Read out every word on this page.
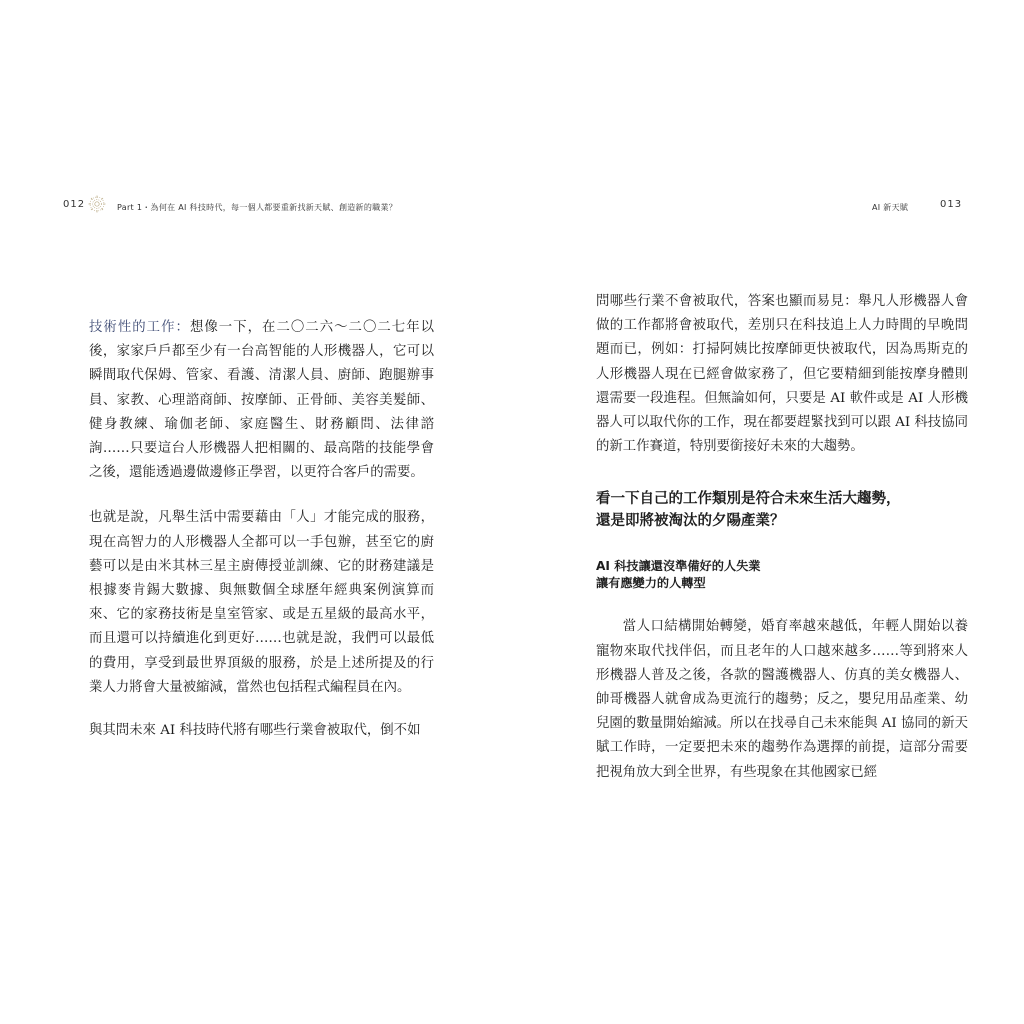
012	Part 1・為何在 AI 科技時代，每一個人都要重新找新天賦、創造新的職業？	AI 新天賦	013

技術性的工作：想像一下，在二〇二六～二〇二七年以後，家家戶戶都至少有一台高智能的人形機器人，它可以瞬間取代保姆、管家、看護、清潔人員、廚師、跑腿辦事員、家教、心理諮商師、按摩師、正骨師、美容美髮師、健身教練、瑜伽老師、家庭醫生、財務顧問、法律諮詢……只要這台人形機器人把相關的、最高階的技能學會之後，還能透過邊做邊修正學習，以更符合客戶的需要。

也就是說，凡舉生活中需要藉由「人」才能完成的服務，現在高智力的人形機器人全都可以一手包辦，甚至它的廚藝可以是由米其林三星主廚傳授並訓練、它的財務建議是根據麥肯錫大數據、與無數個全球歷年經典案例演算而來、它的家務技術是皇室管家、或是五星級的最高水平，而且還可以持續進化到更好……也就是說，我們可以最低的費用，享受到最世界頂級的服務，於是上述所提及的行業人力將會大量被縮減，當然也包括程式編程員在內。

與其問未來 AI 科技時代將有哪些行業會被取代，倒不如

問哪些行業不會被取代，答案也顯而易見：舉凡人形機器人會做的工作都將會被取代，差別只在科技追上人力時間的早晚問題而已，例如：打掃阿姨比按摩師更快被取代，因為馬斯克的人形機器人現在已經會做家務了，但它要精細到能按摩身體則還需要一段進程。但無論如何，只要是 AI 軟件或是 AI 人形機器人可以取代你的工作，現在都要趕緊找到可以跟 AI 科技協同的新工作賽道，特別要銜接好未來的大趨勢。

看一下自己的工作類別是符合未來生活大趨勢，
還是即將被淘汰的夕陽產業？
AI 科技讓還沒準備好的人失業
讓有應變力的人轉型

當人口結構開始轉變，婚育率越來越低，年輕人開始以養寵物來取代找伴侶，而且老年的人口越來越多……等到將來人形機器人普及之後，各款的醫護機器人、仿真的美女機器人、帥哥機器人就會成為更流行的趨勢；反之，嬰兒用品產業、幼兒園的數量開始縮減。所以在找尋自己未來能與 AI 協同的新天賦工作時，一定要把未來的趨勢作為選擇的前提，這部分需要把視角放大到全世界，有些現象在其他國家已經
